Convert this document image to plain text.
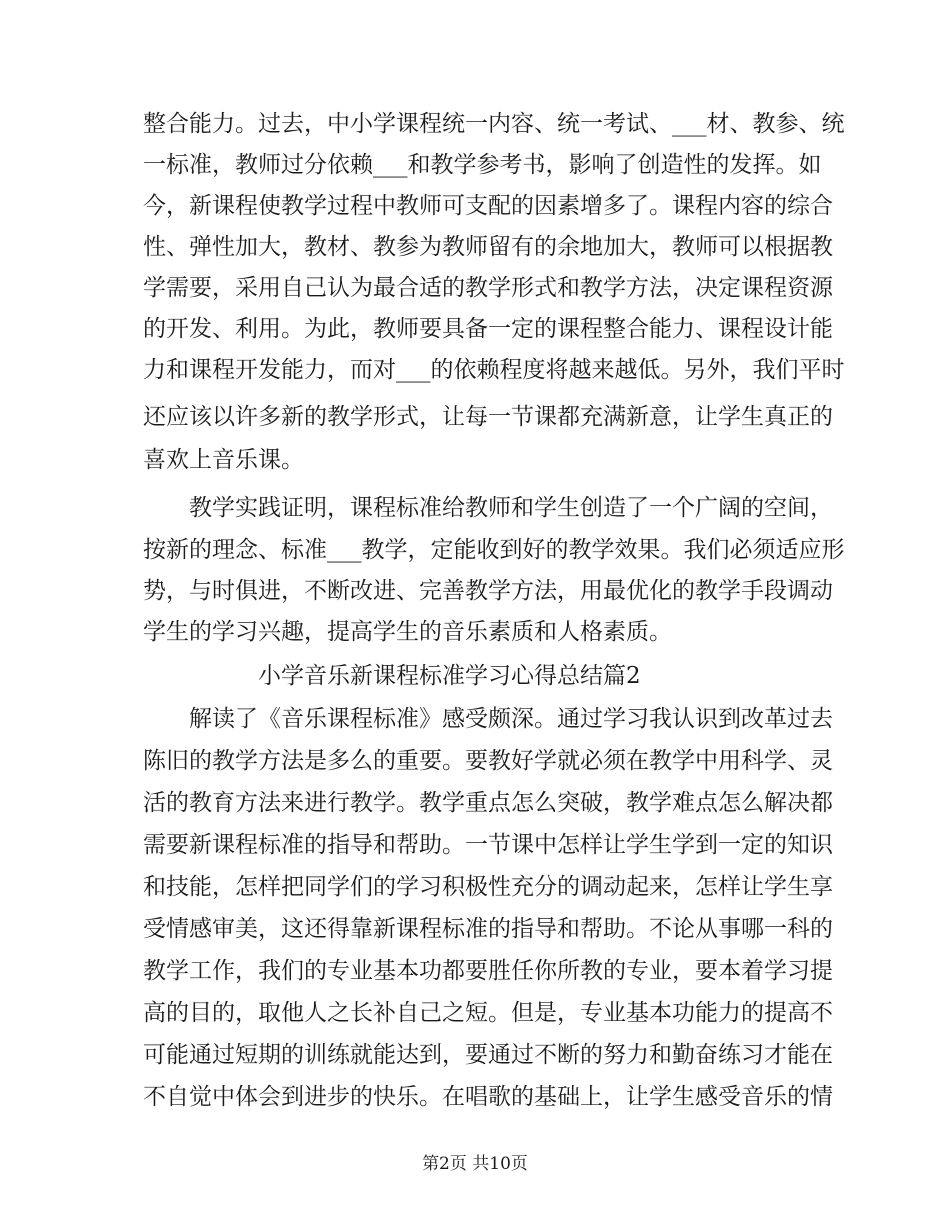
整合能力。过去，中小学课程统一内容、统一考试、___材、教参、统
一标准，教师过分依赖___和教学参考书，影响了创造性的发挥。如
今，新课程使教学过程中教师可支配的因素增多了。课程内容的综合
性、弹性加大，教材、教参为教师留有的余地加大，教师可以根据教
学需要，采用自己认为最合适的教学形式和教学方法，决定课程资源
的开发、利用。为此，教师要具备一定的课程整合能力、课程设计能
力和课程开发能力，而对___的依赖程度将越来越低。另外，我们平时
还应该以许多新的教学形式，让每一节课都充满新意，让学生真正的
喜欢上音乐课。
教学实践证明，课程标准给教师和学生创造了一个广阔的空间，
按新的理念、标准___教学，定能收到好的教学效果。我们必须适应形
势，与时俱进，不断改进、完善教学方法，用最优化的教学手段调动
学生的学习兴趣，提高学生的音乐素质和人格素质。
小学音乐新课程标准学习心得总结篇2
解读了《音乐课程标准》感受颇深。通过学习我认识到改革过去
陈旧的教学方法是多么的重要。要教好学就必须在教学中用科学、灵
活的教育方法来进行教学。教学重点怎么突破，教学难点怎么解决都
需要新课程标准的指导和帮助。一节课中怎样让学生学到一定的知识
和技能，怎样把同学们的学习积极性充分的调动起来，怎样让学生享
受情感审美，这还得靠新课程标准的指导和帮助。不论从事哪一科的
教学工作，我们的专业基本功都要胜任你所教的专业，要本着学习提
高的目的，取他人之长补自己之短。但是，专业基本功能力的提高不
可能通过短期的训练就能达到，要通过不断的努力和勤奋练习才能在
不自觉中体会到进步的快乐。在唱歌的基础上，让学生感受音乐的情
第2页 共10页
